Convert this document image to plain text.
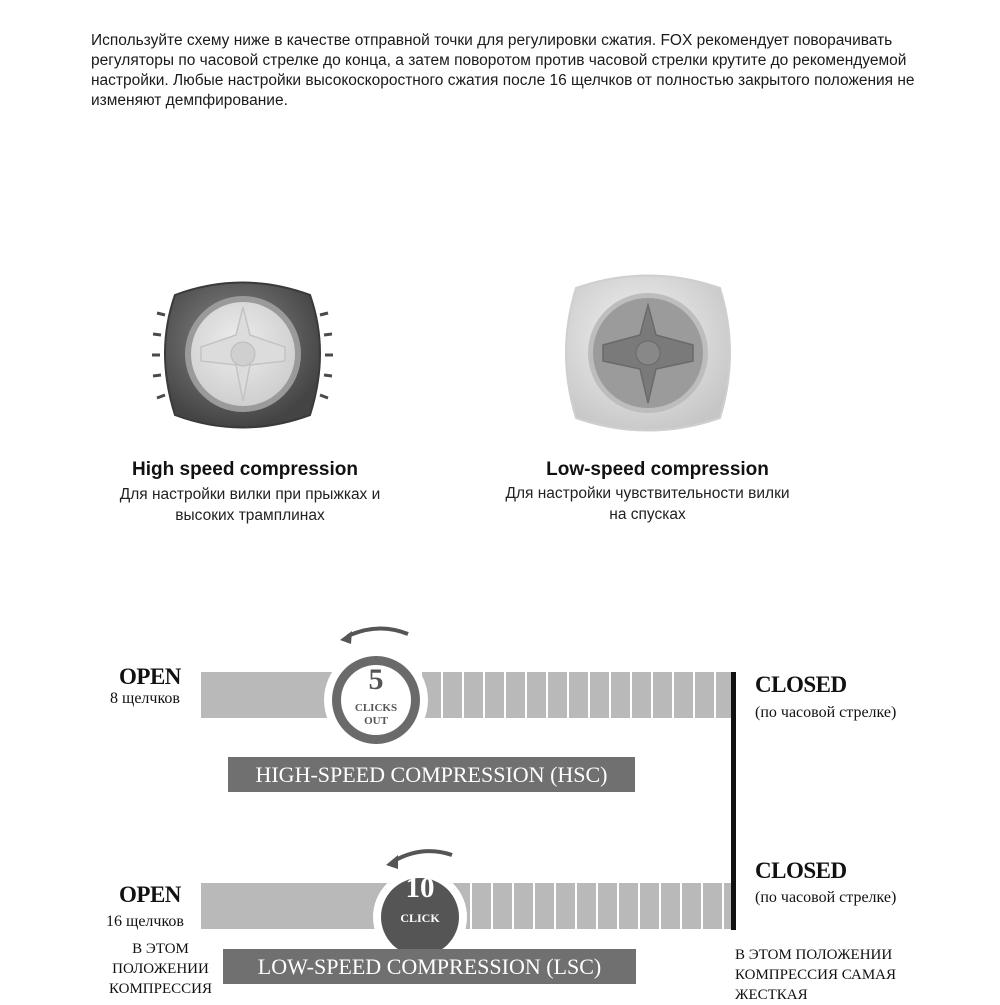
Используйте схему ниже в качестве отправной точки для регулировки сжатия. FOX рекомендует поворачивать регуляторы по часовой стрелке до конца, а затем поворотом против часовой стрелки крутите до рекомендуемой настройки. Любые настройки высокоскоростного сжатия после 16 щелчков от полностью закрытого положения не изменяют демпфирование.
High speed compression
Для настройки вилки при прыжках и
высоких трамплинах
Low-speed compression
Для настройки чувствительности вилки
на спусках
OPEN
8 щелчков
5
CLICKS
OUT
HIGH-SPEED COMPRESSION (HSC)
CLOSED
(по часовой стрелке)
OPEN
16 щелчков
10
CLICK
CLOSED
(по часовой стрелке)
В ЭТОМ
ПОЛОЖЕНИИ
КОМПРЕССИЯ
LOW-SPEED COMPRESSION (LSC)	В ЭТОМ ПОЛОЖЕНИИ
КОМПРЕССИЯ САМАЯ
ЖЕСТКАЯ
